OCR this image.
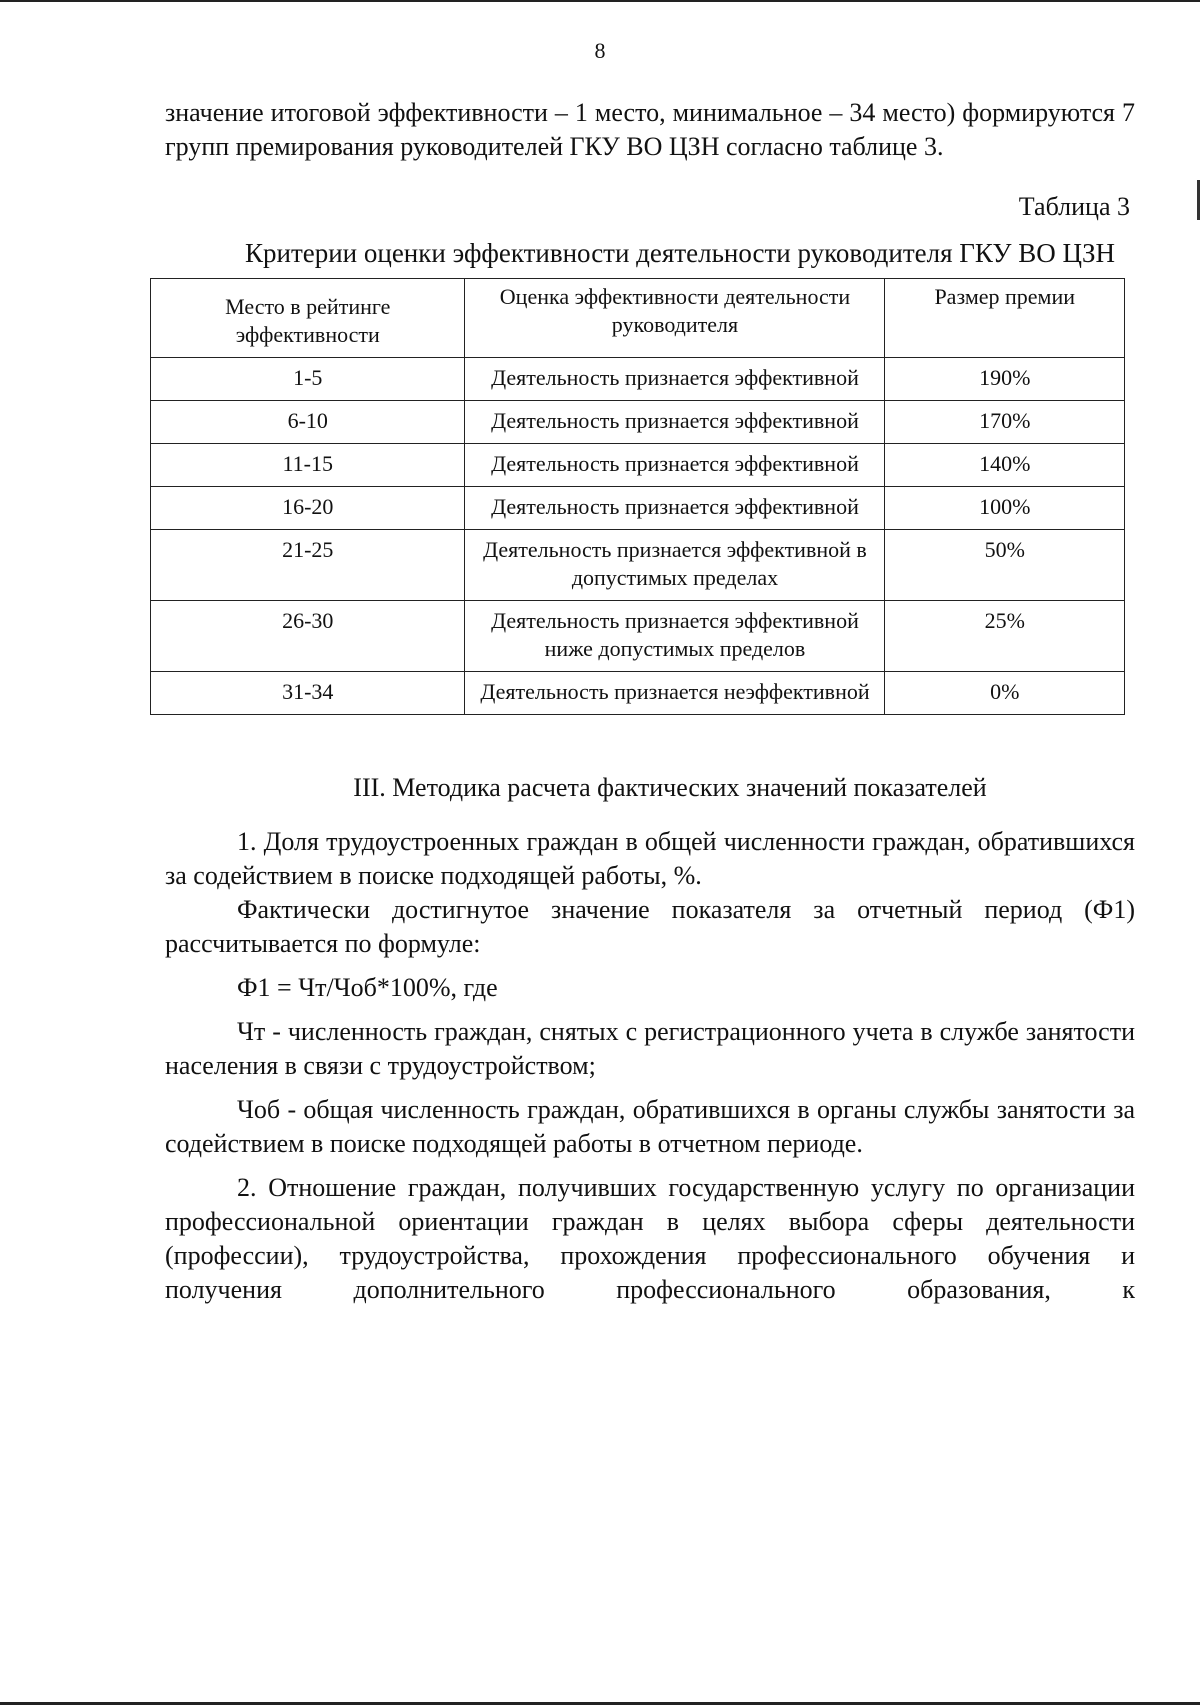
8

значение итоговой эффективности – 1 место, минимальное – 34 место) формируются 7 групп премирования руководителей ГКУ ВО ЦЗН согласно таблице 3.

Таблица 3
Критерии оценки эффективности деятельности руководителя ГКУ ВО ЦЗН
Место в рейтинге эффективности	Оценка эффективности деятельности руководителя	Размер премии
1-5	Деятельность признается эффективной	190%
6-10	Деятельность признается эффективной	170%
11-15	Деятельность признается эффективной	140%
16-20	Деятельность признается эффективной	100%
21-25	Деятельность признается эффективной в допустимых пределах	50%
26-30	Деятельность признается эффективной ниже допустимых пределов	25%
31-34	Деятельность признается неэффективной	0%
III. Методика расчета фактических значений показателей

1. Доля трудоустроенных граждан в общей численности граждан, обратившихся за содействием в поиске подходящей работы, %.

Фактически достигнутое значение показателя за отчетный период (Ф1) рассчитывается по формуле:

Ф1 = Чт/Чоб*100%, где

Чт - численность граждан, снятых с регистрационного учета в службе занятости населения в связи с трудоустройством;

Чоб - общая численность граждан, обратившихся в органы службы занятости за содействием в поиске подходящей работы в отчетном периоде.

2. Отношение граждан, получивших государственную услугу по организации профессиональной ориентации граждан в целях выбора сферы деятельности (профессии), трудоустройства, прохождения профессионального обучения и получения дополнительного профессионального образования, к
